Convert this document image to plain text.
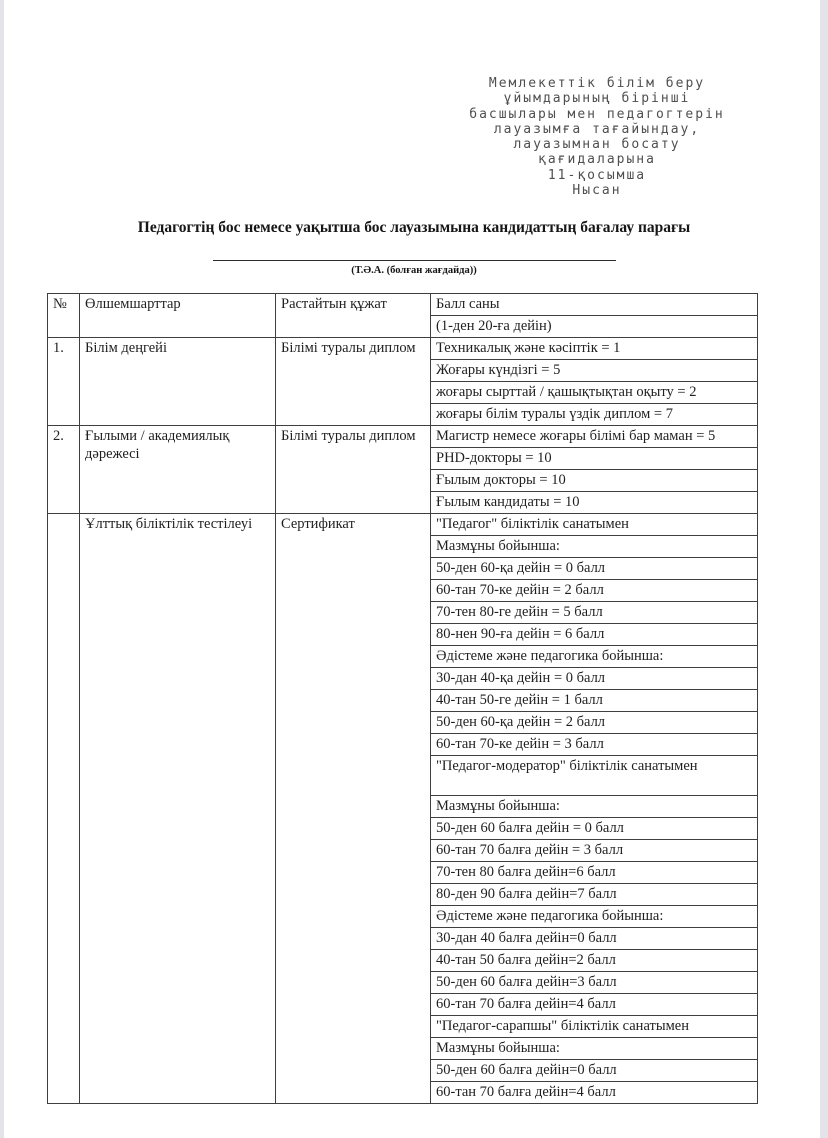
Мемлекеттік білім беру
ұйымдарының бірінші
басшылары мен педагогтерін
лауазымға тағайындау,
лауазымнан босату
қағидаларына
11-қосымша
Нысан
Педагогтің бос немесе уақытша бос лауазымына кандидаттың бағалау парағы
(Т.Ә.А. (болған жағдайда))
№	Өлшемшарттар	Растайтын құжат	Балл саны
			(1-ден 20-ға дейін)
1.	Білім деңгейі	Білімі туралы диплом	Техникалық және кәсіптік = 1
			Жоғары күндізгі = 5
			жоғары сырттай / қашықтықтан оқыту = 2
			жоғары білім туралы үздік диплом = 7
2.	Ғылыми / академиялық дәрежесі	Білімі туралы диплом	Магистр немесе жоғары білімі бар маман = 5
			PHD-докторы = 10
			Ғылым докторы = 10
			Ғылым кандидаты = 10
	Ұлттық біліктілік тестілеуі	Сертификат	"Педагог" біліктілік санатымен
			Мазмұны бойынша:
			50-ден 60-қа дейін = 0 балл
			60-тан 70-ке дейін = 2 балл
			70-тен 80-ге дейін = 5 балл
			80-нен 90-ға дейін = 6 балл
			Әдістеме және педагогика бойынша:
			30-дан 40-қа дейін = 0 балл
			40-тан 50-ге дейін = 1 балл
			50-ден 60-қа дейін = 2 балл
			60-тан 70-ке дейін = 3 балл
			"Педагог-модератор" біліктілік санатымен
			Мазмұны бойынша:
			50-ден 60 балға дейін = 0 балл
			60-тан 70 балға дейін = 3 балл
			70-тен 80 балға дейін=6 балл
			80-ден 90 балға дейін=7 балл
			Әдістеме және педагогика бойынша:
			30-дан 40 балға дейін=0 балл
			40-тан 50 балға дейін=2 балл
			50-ден 60 балға дейін=3 балл
			60-тан 70 балға дейін=4 балл
			"Педагог-сарапшы" біліктілік санатымен
			Мазмұны бойынша:
			50-ден 60 балға дейін=0 балл
			60-тан 70 балға дейін=4 балл
